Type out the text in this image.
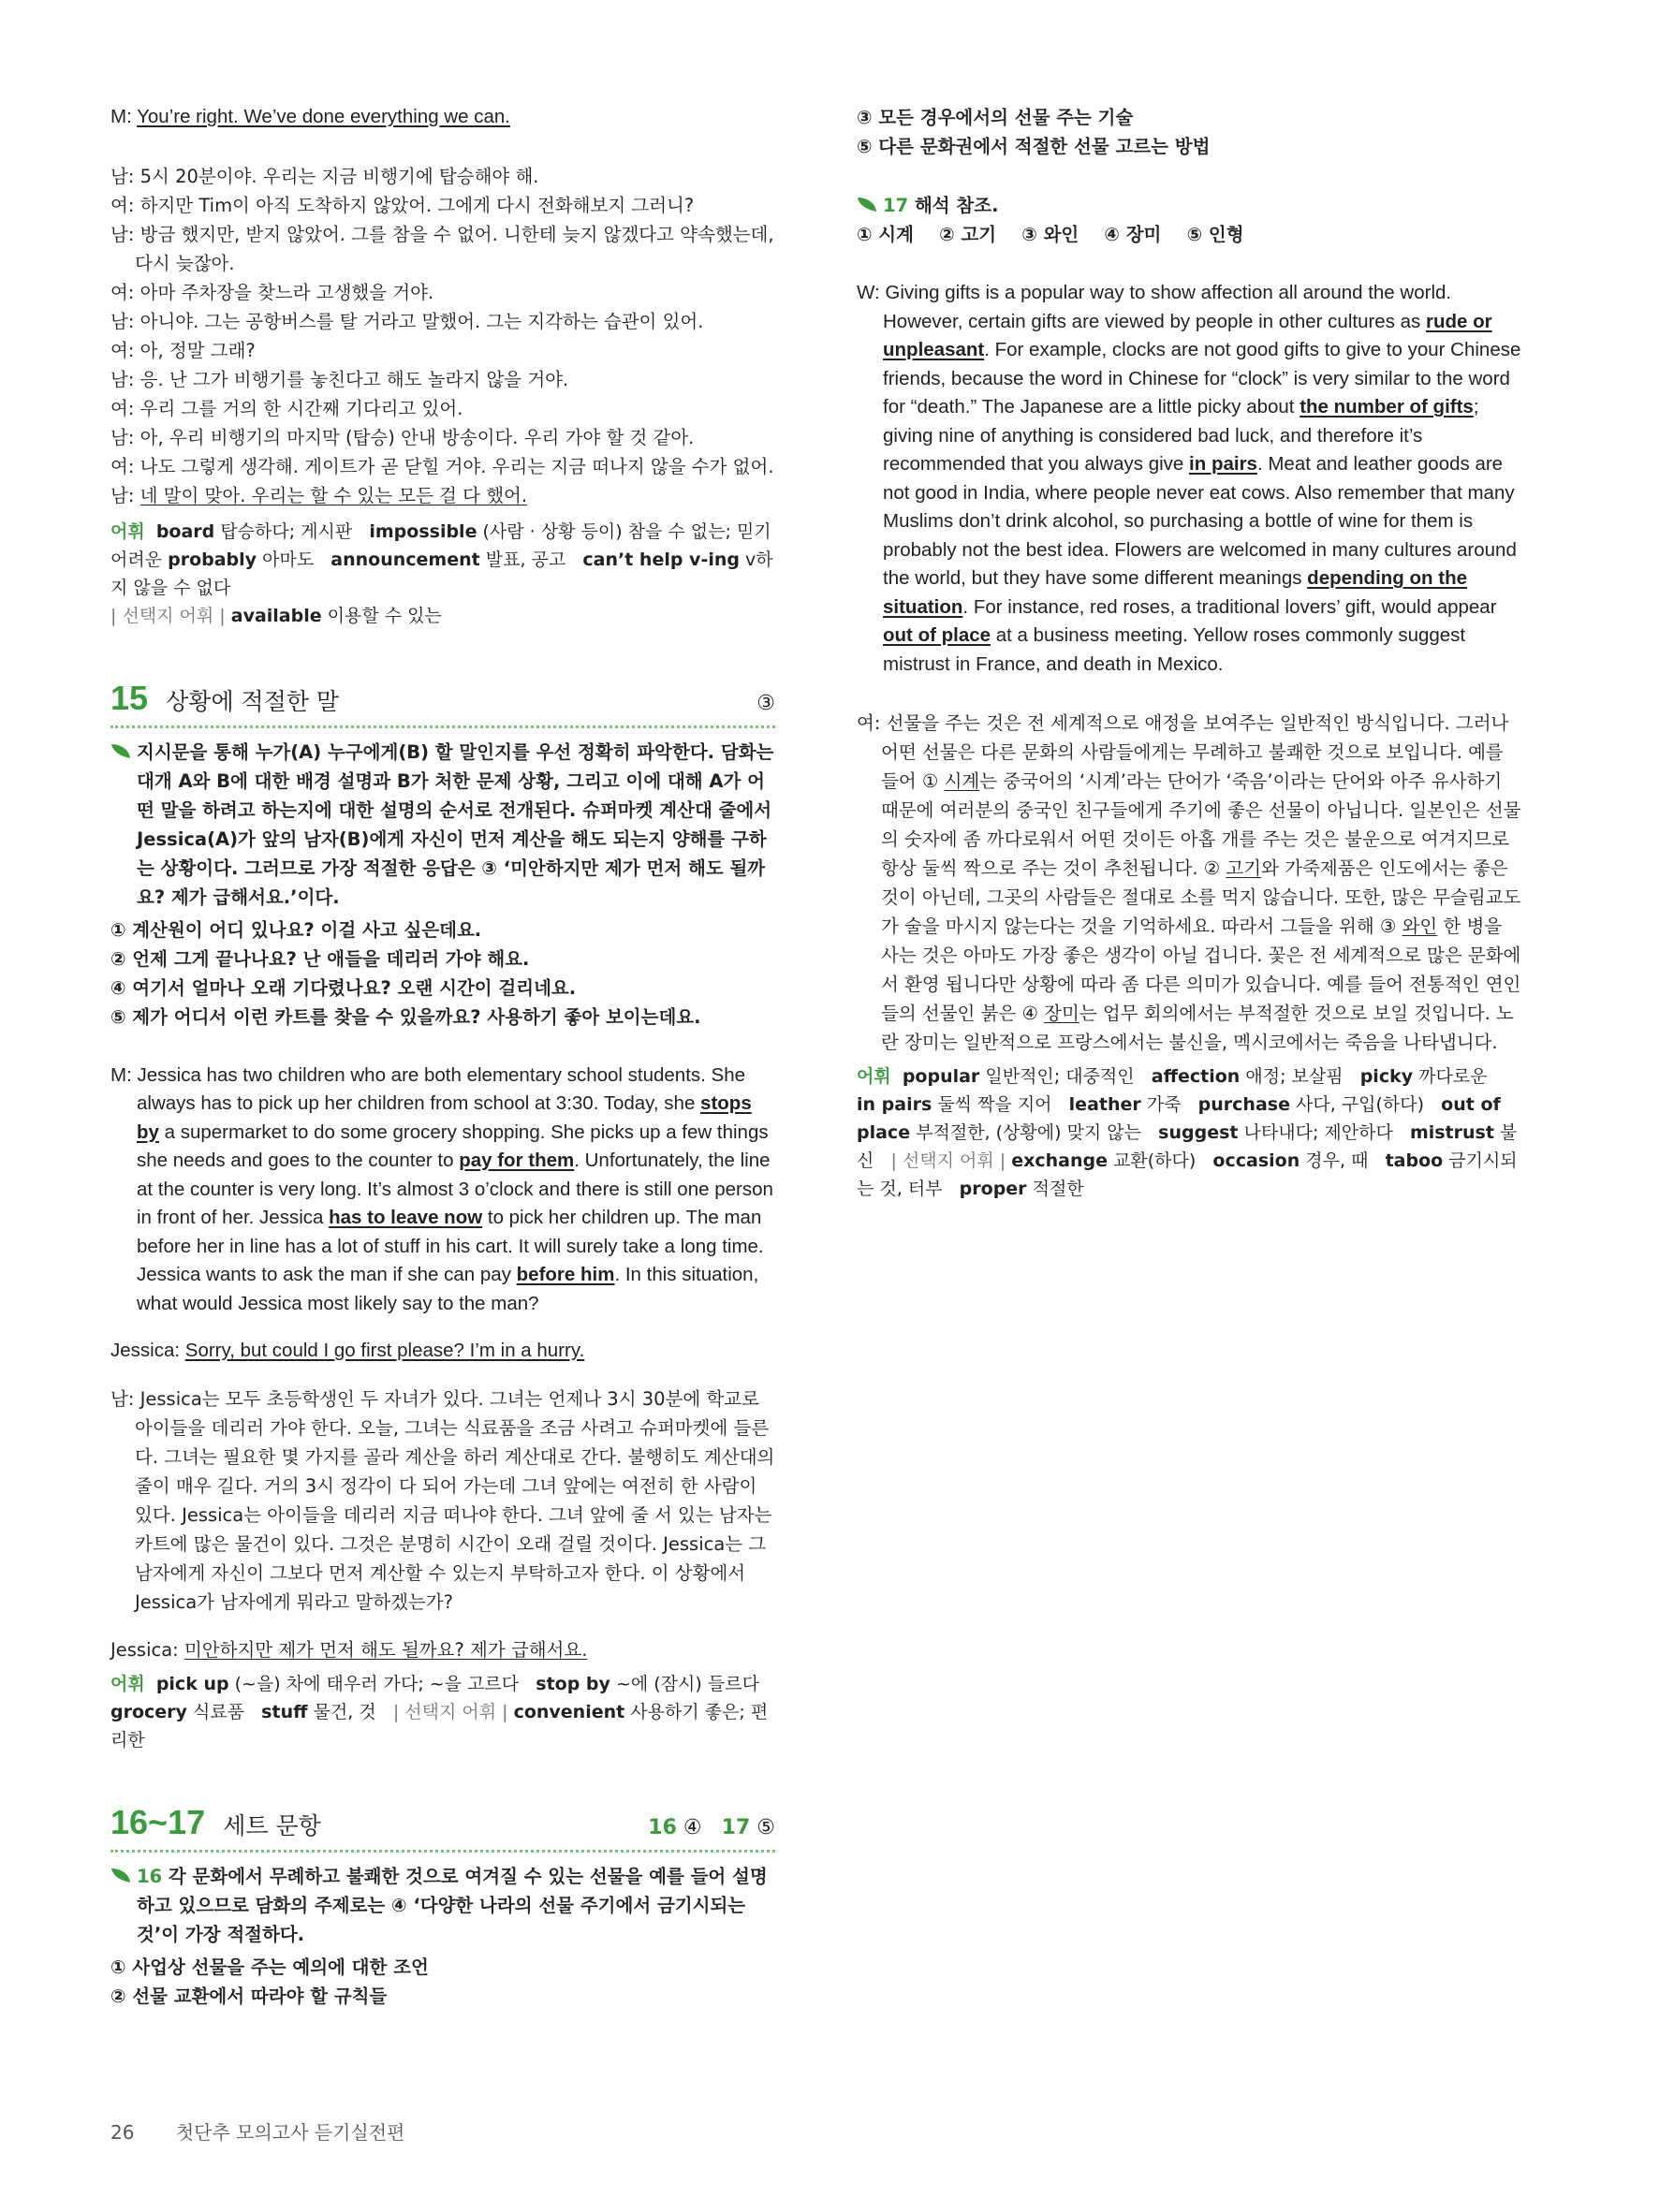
M: You’re right. We’ve done everything we can.

남: 5시 20분이야. 우리는 지금 비행기에 탑승해야 해.

여: 하지만 Tim이 아직 도착하지 않았어. 그에게 다시 전화해보지 그러니?

남: 방금 했지만, 받지 않았어. 그를 참을 수 없어. 니한테 늦지 않겠다고 약속했는데, 다시 늦잖아.

여: 아마 주차장을 찾느라 고생했을 거야.

남: 아니야. 그는 공항버스를 탈 거라고 말했어. 그는 지각하는 습관이 있어.

여: 아, 정말 그래?

남: 응. 난 그가 비행기를 놓친다고 해도 놀라지 않을 거야.

여: 우리 그를 거의 한 시간째 기다리고 있어.

남: 아, 우리 비행기의 마지막 (탑승) 안내 방송이다. 우리 가야 할 것 같아.

여: 나도 그렇게 생각해. 게이트가 곧 닫힐 거야. 우리는 지금 떠나지 않을 수가 없어.

남: 네 말이 맞아. 우리는 할 수 있는 모든 걸 다 했어.

어휘 board 탑승하다; 게시판 impossible (사람 · 상황 등이) 참을 수 없는; 믿기 어려운 probably 아마도 announcement 발표, 공고 can’t help v-ing v하지 않을 수 없다
| 선택지 어휘 | available 이용할 수 있는

15 상황에 적절한 말	③

지시문을 통해 누가(A) 누구에게(B) 할 말인지를 우선 정확히 파악한다. 담화는 대개 A와 B에 대한 배경 설명과 B가 처한 문제 상황, 그리고 이에 대해 A가 어떤 말을 하려고 하는지에 대한 설명의 순서로 전개된다. 슈퍼마켓 계산대 줄에서 Jessica(A)가 앞의 남자(B)에게 자신이 먼저 계산을 해도 되는지 양해를 구하는 상황이다. 그러므로 가장 적절한 응답은 ③ ‘미안하지만 제가 먼저 해도 될까요? 제가 급해서요.’이다.

① 계산원이 어디 있나요? 이걸 사고 싶은데요.

② 언제 그게 끝나나요? 난 애들을 데리러 가야 해요.

④ 여기서 얼마나 오래 기다렸나요? 오랜 시간이 걸리네요.

⑤ 제가 어디서 이런 카트를 찾을 수 있을까요? 사용하기 좋아 보이는데요.

M: Jessica has two children who are both elementary school students. She always has to pick up her children from school at 3:30. Today, she stops by a supermarket to do some grocery shopping. She picks up a few things she needs and goes to the counter to pay for them. Unfortunately, the line at the counter is very long. It’s almost 3 o’clock and there is still one person in front of her. Jessica has to leave now to pick her children up. The man before her in line has a lot of stuff in his cart. It will surely take a long time. Jessica wants to ask the man if she can pay before him. In this situation, what would Jessica most likely say to the man?

Jessica: Sorry, but could I go first please? I’m in a hurry.

남: Jessica는 모두 초등학생인 두 자녀가 있다. 그녀는 언제나 3시 30분에 학교로 아이들을 데리러 가야 한다. 오늘, 그녀는 식료품을 조금 사려고 슈퍼마켓에 들른다. 그녀는 필요한 몇 가지를 골라 계산을 하러 계산대로 간다. 불행히도 계산대의 줄이 매우 길다. 거의 3시 정각이 다 되어 가는데 그녀 앞에는 여전히 한 사람이 있다. Jessica는 아이들을 데리러 지금 떠나야 한다. 그녀 앞에 줄 서 있는 남자는 카트에 많은 물건이 있다. 그것은 분명히 시간이 오래 걸릴 것이다. Jessica는 그 남자에게 자신이 그보다 먼저 계산할 수 있는지 부탁하고자 한다. 이 상황에서 Jessica가 남자에게 뭐라고 말하겠는가?

Jessica: 미안하지만 제가 먼저 해도 될까요? 제가 급해서요.

어휘 pick up (~을) 차에 태우러 가다; ~을 고르다 stop by ~에 (잠시) 들르다   grocery 식료품 stuff 물건, 것 | 선택지 어휘 | convenient 사용하기 좋은; 편리한

16~17 세트 문항	16 ④ 17 ⑤

16 각 문화에서 무례하고 불쾌한 것으로 여겨질 수 있는 선물을 예를 들어 설명하고 있으므로 담화의 주제로는 ④ ‘다양한 나라의 선물 주기에서 금기시되는 것’이 가장 적절하다.

① 사업상 선물을 주는 예의에 대한 조언

② 선물 교환에서 따라야 할 규칙들

③ 모든 경우에서의 선물 주는 기술

⑤ 다른 문화권에서 적절한 선물 고르는 방법

17 해석 참조.

① 시계 ② 고기 ③ 와인 ④ 장미 ⑤ 인형

W: Giving gifts is a popular way to show affection all around the world. However, certain gifts are viewed by people in other cultures as rude or unpleasant. For example, clocks are not good gifts to give to your Chinese friends, because the word in Chinese for “clock” is very similar to the word for “death.” The Japanese are a little picky about the number of gifts; giving nine of anything is considered bad luck, and therefore it’s recommended that you always give in pairs. Meat and leather goods are not good in India, where people never eat cows. Also remember that many Muslims don’t drink alcohol, so purchasing a bottle of wine for them is probably not the best idea. Flowers are welcomed in many cultures around the world, but they have some different meanings depending on the situation. For instance, red roses, a traditional lovers’ gift, would appear out of place at a business meeting. Yellow roses commonly suggest mistrust in France, and death in Mexico.

여: 선물을 주는 것은 전 세계적으로 애정을 보여주는 일반적인 방식입니다. 그러나 어떤 선물은 다른 문화의 사람들에게는 무례하고 불쾌한 것으로 보입니다. 예를 들어 ① 시계는 중국어의 ‘시계’라는 단어가 ‘죽음’이라는 단어와 아주 유사하기 때문에 여러분의 중국인 친구들에게 주기에 좋은 선물이 아닙니다. 일본인은 선물의 숫자에 좀 까다로워서 어떤 것이든 아홉 개를 주는 것은 불운으로 여겨지므로 항상 둘씩 짝으로 주는 것이 추천됩니다. ② 고기와 가죽제품은 인도에서는 좋은 것이 아닌데, 그곳의 사람들은 절대로 소를 먹지 않습니다. 또한, 많은 무슬림교도가 술을 마시지 않는다는 것을 기억하세요. 따라서 그들을 위해 ③ 와인 한 병을 사는 것은 아마도 가장 좋은 생각이 아닐 겁니다. 꽃은 전 세계적으로 많은 문화에서 환영 됩니다만 상황에 따라 좀 다른 의미가 있습니다. 예를 들어 전통적인 연인들의 선물인 붉은 ④ 장미는 업무 회의에서는 부적절한 것으로 보일 것입니다. 노란 장미는 일반적으로 프랑스에서는 불신을, 멕시코에서는 죽음을 나타냅니다.

어휘 popular 일반적인; 대중적인 affection 애정; 보살핌 picky 까다로운   in pairs 둘씩 짝을 지어 leather 가죽 purchase 사다, 구입(하다) out of place 부적절한, (상황에) 맞지 않는 suggest 나타내다; 제안하다 mistrust 불신 | 선택지 어휘 | exchange 교환(하다) occasion 경우, 때 taboo 금기시되는 것, 터부 proper 적절한

26 첫단추 모의고사 듣기실전편
